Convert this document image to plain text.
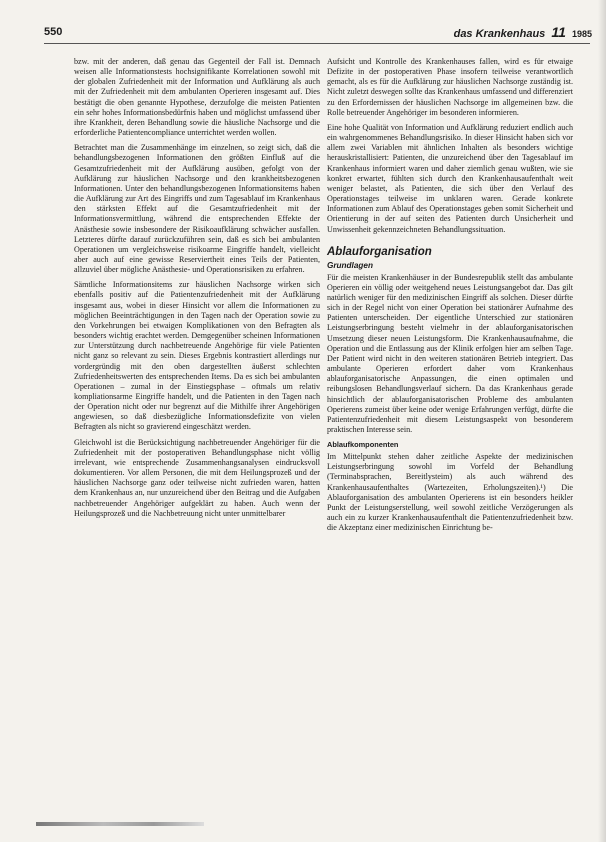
550	das Krankenhaus 11 1985

bzw. mit der anderen, daß genau das Gegenteil der Fall ist. Demnach weisen alle Informationstests hochsignifikante Korrelationen sowohl mit der globalen Zufriedenheit mit der Information und Aufklärung als auch mit der Zufriedenheit mit dem ambulanten Operieren insgesamt auf. Dies bestätigt die oben genannte Hypothese, derzufolge die meisten Patienten ein sehr hohes Informationsbedürfnis haben und möglichst umfassend über ihre Krankheit, deren Behandlung sowie die häusliche Nachsorge und die erforderliche Patientencompliance unterrichtet werden wollen.

Betrachtet man die Zusammenhänge im einzelnen, so zeigt sich, daß die behandlungsbezogenen Informationen den größten Einfluß auf die Gesamtzufriedenheit mit der Aufklärung ausüben, gefolgt von der Aufklärung zur häuslichen Nachsorge und den krankheitsbezogenen Informationen. Unter den behandlungsbezogenen Informationsitems haben die Aufklärung zur Art des Eingriffs und zum Tagesablauf im Krankenhaus den stärksten Effekt auf die Gesamtzufriedenheit mit der Informationsvermittlung, während die entsprechenden Effekte der Anästhesie sowie insbesondere der Risikoaufklärung schwächer ausfallen. Letzteres dürfte darauf zurückzuführen sein, daß es sich bei ambulanten Operationen um vergleichsweise risikoarme Eingriffe handelt, vielleicht aber auch auf eine gewisse Reserviertheit eines Teils der Patienten, allzuviel über mögliche Anästhesie- und Operationsrisiken zu erfahren.

Sämtliche Informationsitems zur häuslichen Nachsorge wirken sich ebenfalls positiv auf die Patientenzufriedenheit mit der Aufklärung insgesamt aus, wobei in dieser Hinsicht vor allem die Informationen zu möglichen Beeinträchtigungen in den Tagen nach der Operation sowie zu den Vorkehrungen bei etwaigen Komplikationen von den Befragten als besonders wichtig erachtet werden. Demgegenüber scheinen Informationen zur Unterstützung durch nachbetreuende Angehörige für viele Patienten nicht ganz so relevant zu sein. Dieses Ergebnis kontrastiert allerdings nur vordergründig mit den oben dargestellten äußerst schlechten Zufriedenheitswerten des entsprechenden Items. Da es sich bei ambulanten Operationen – zumal in der Einstiegsphase – oftmals um relativ kompliationsarme Eingriffe handelt, und die Patienten in den Tagen nach der Operation nicht oder nur begrenzt auf die Mithilfe ihrer Angehörigen angewiesen, so daß diesbezügliche Informationsdefizite von vielen Befragten als nicht so gravierend eingeschätzt werden.

Gleichwohl ist die Berücksichtigung nachbetreuender Angehöriger für die Zufriedenheit mit der postoperativen Behandlungsphase nicht völlig irrelevant, wie entsprechende Zusammenhangsanalysen eindrucksvoll dokumentieren. Vor allem Personen, die mit dem Heilungsprozeß und der häuslichen Nachsorge ganz oder teilweise nicht zufrieden waren, hatten dem Krankenhaus an, nur unzureichend über den Beitrag und die Aufgaben nachbetreuender Angehöriger aufgeklärt zu haben. Auch wenn der Heilungsprozeß und die Nachbetreuung nicht unter unmittelbarer

Aufsicht und Kontrolle des Krankenhauses fallen, wird es für etwaige Defizite in der postoperativen Phase insofern teilweise verantwortlich gemacht, als es für die Aufklärung zur häuslichen Nachsorge zuständig ist. Nicht zuletzt deswegen sollte das Krankenhaus umfassend und differenziert zu den Erfordernissen der häuslichen Nachsorge im allgemeinen bzw. die Rolle betreuender Angehöriger im besonderen informieren.

Eine hohe Qualität von Information und Aufklärung reduziert endlich auch ein wahrgenommenes Behandlungsrisiko. In dieser Hinsicht haben sich vor allem zwei Variablen mit ähnlichen Inhalten als besonders wichtige herauskristallisiert: Patienten, die unzureichend über den Tagesablauf im Krankenhaus informiert waren und daher ziemlich genau wußten, wie sie konkret erwartet, fühlten sich durch den Krankenhausaufenthalt weit weniger belastet, als Patienten, die sich über den Verlauf des Operationstages teilweise im unklaren waren. Gerade konkrete Informationen zum Ablauf des Operationstages geben somit Sicherheit und Orientierung in der auf seiten des Patienten durch Unsicherheit und Unwissenheit gekennzeichneten Behandlungssituation.

Ablauforganisation
Grundlagen

Für die meisten Krankenhäuser in der Bundesrepublik stellt das ambulante Operieren ein völlig oder weitgehend neues Leistungsangebot dar. Das gilt natürlich weniger für den medizinischen Eingriff als solchen. Dieser dürfte sich in der Regel nicht von einer Operation bei stationärer Aufnahme des Patienten unterscheiden. Der eigentliche Unterschied zur stationären Leistungserbringung besteht vielmehr in der ablauforganisatorischen Umsetzung dieser neuen Leistungsform. Die Krankenhausaufnahme, die Operation und die Entlassung aus der Klinik erfolgen hier am selben Tage. Der Patient wird nicht in den weiteren stationären Betrieb integriert. Das ambulante Operieren erfordert daher vom Krankenhaus ablauforganisatorische Anpassungen, die einen optimalen und reibungslosen Behandlungsverlauf sichern. Da das Krankenhaus gerade hinsichtlich der ablauforganisatorischen Probleme des ambulanten Operierens zumeist über keine oder wenige Erfahrungen verfügt, dürfte die Patientenzufriedenheit mit diesem Leistungsaspekt von besonderem praktischen Interesse sein.

Ablaufkomponenten

Im Mittelpunkt stehen daher zeitliche Aspekte der medizinischen Leistungserbringung sowohl im Vorfeld der Behandlung (Terminabsprachen, Bereitlysteim) als auch während des Krankenhausaufenthaltes (Wartezeiten, Erholungszeiten).¹) Die Ablauforganisation des ambulanten Operierens ist ein besonders heikler Punkt der Leistungserstellung, weil sowohl zeitliche Verzögerungen als auch ein zu kurzer Krankenhausaufenthalt die Patientenzufriedenheit bzw. die Akzeptanz einer medizinischen Einrichtung be-
